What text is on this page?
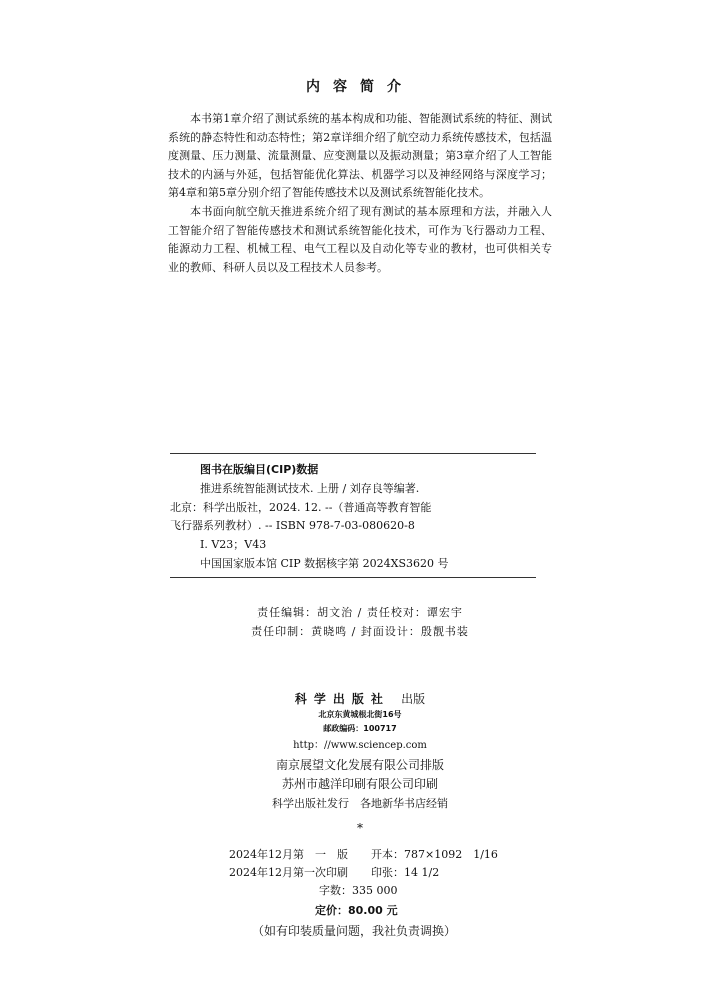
内容简介

本书第1章介绍了测试系统的基本构成和功能、智能测试系统的特征、测试系统的静态特性和动态特性；第2章详细介绍了航空动力系统传感技术，包括温度测量、压力测量、流量测量、应变测量以及振动测量；第3章介绍了人工智能技术的内涵与外延，包括智能优化算法、机器学习以及神经网络与深度学习；第4章和第5章分别介绍了智能传感技术以及测试系统智能化技术。

本书面向航空航天推进系统介绍了现有测试的基本原理和方法，并融入人工智能介绍了智能传感技术和测试系统智能化技术，可作为飞行器动力工程、能源动力工程、机械工程、电气工程以及自动化等专业的教材，也可供相关专业的教师、科研人员以及工程技术人员参考。

图书在版编目(CIP)数据
推进系统智能测试技术. 上册 / 刘存良等编著.
北京：科学出版社，2024. 12. --（普通高等教育智能
飞行器系列教材）. -- ISBN 978-7-03-080620-8
Ⅰ. V23；V43
中国国家版本馆 CIP 数据核字第 2024XS3620 号
责任编辑：胡文治 / 责任校对：谭宏宇
责任印制：黄晓鸣 / 封面设计：殷靓书装
科学出版社 出版
北京东黄城根北街16号
邮政编码：100717
http：//www.sciencep.com
南京展望文化发展有限公司排版
苏州市越洋印刷有限公司印刷
科学出版社发行　各地新华书店经销
*
2024年12月第　一　版 开本：787×1092　1/16
2024年12月第一次印刷 印张：14 1/2
字数：335 000
定价：80.00 元
（如有印装质量问题，我社负责调换）
